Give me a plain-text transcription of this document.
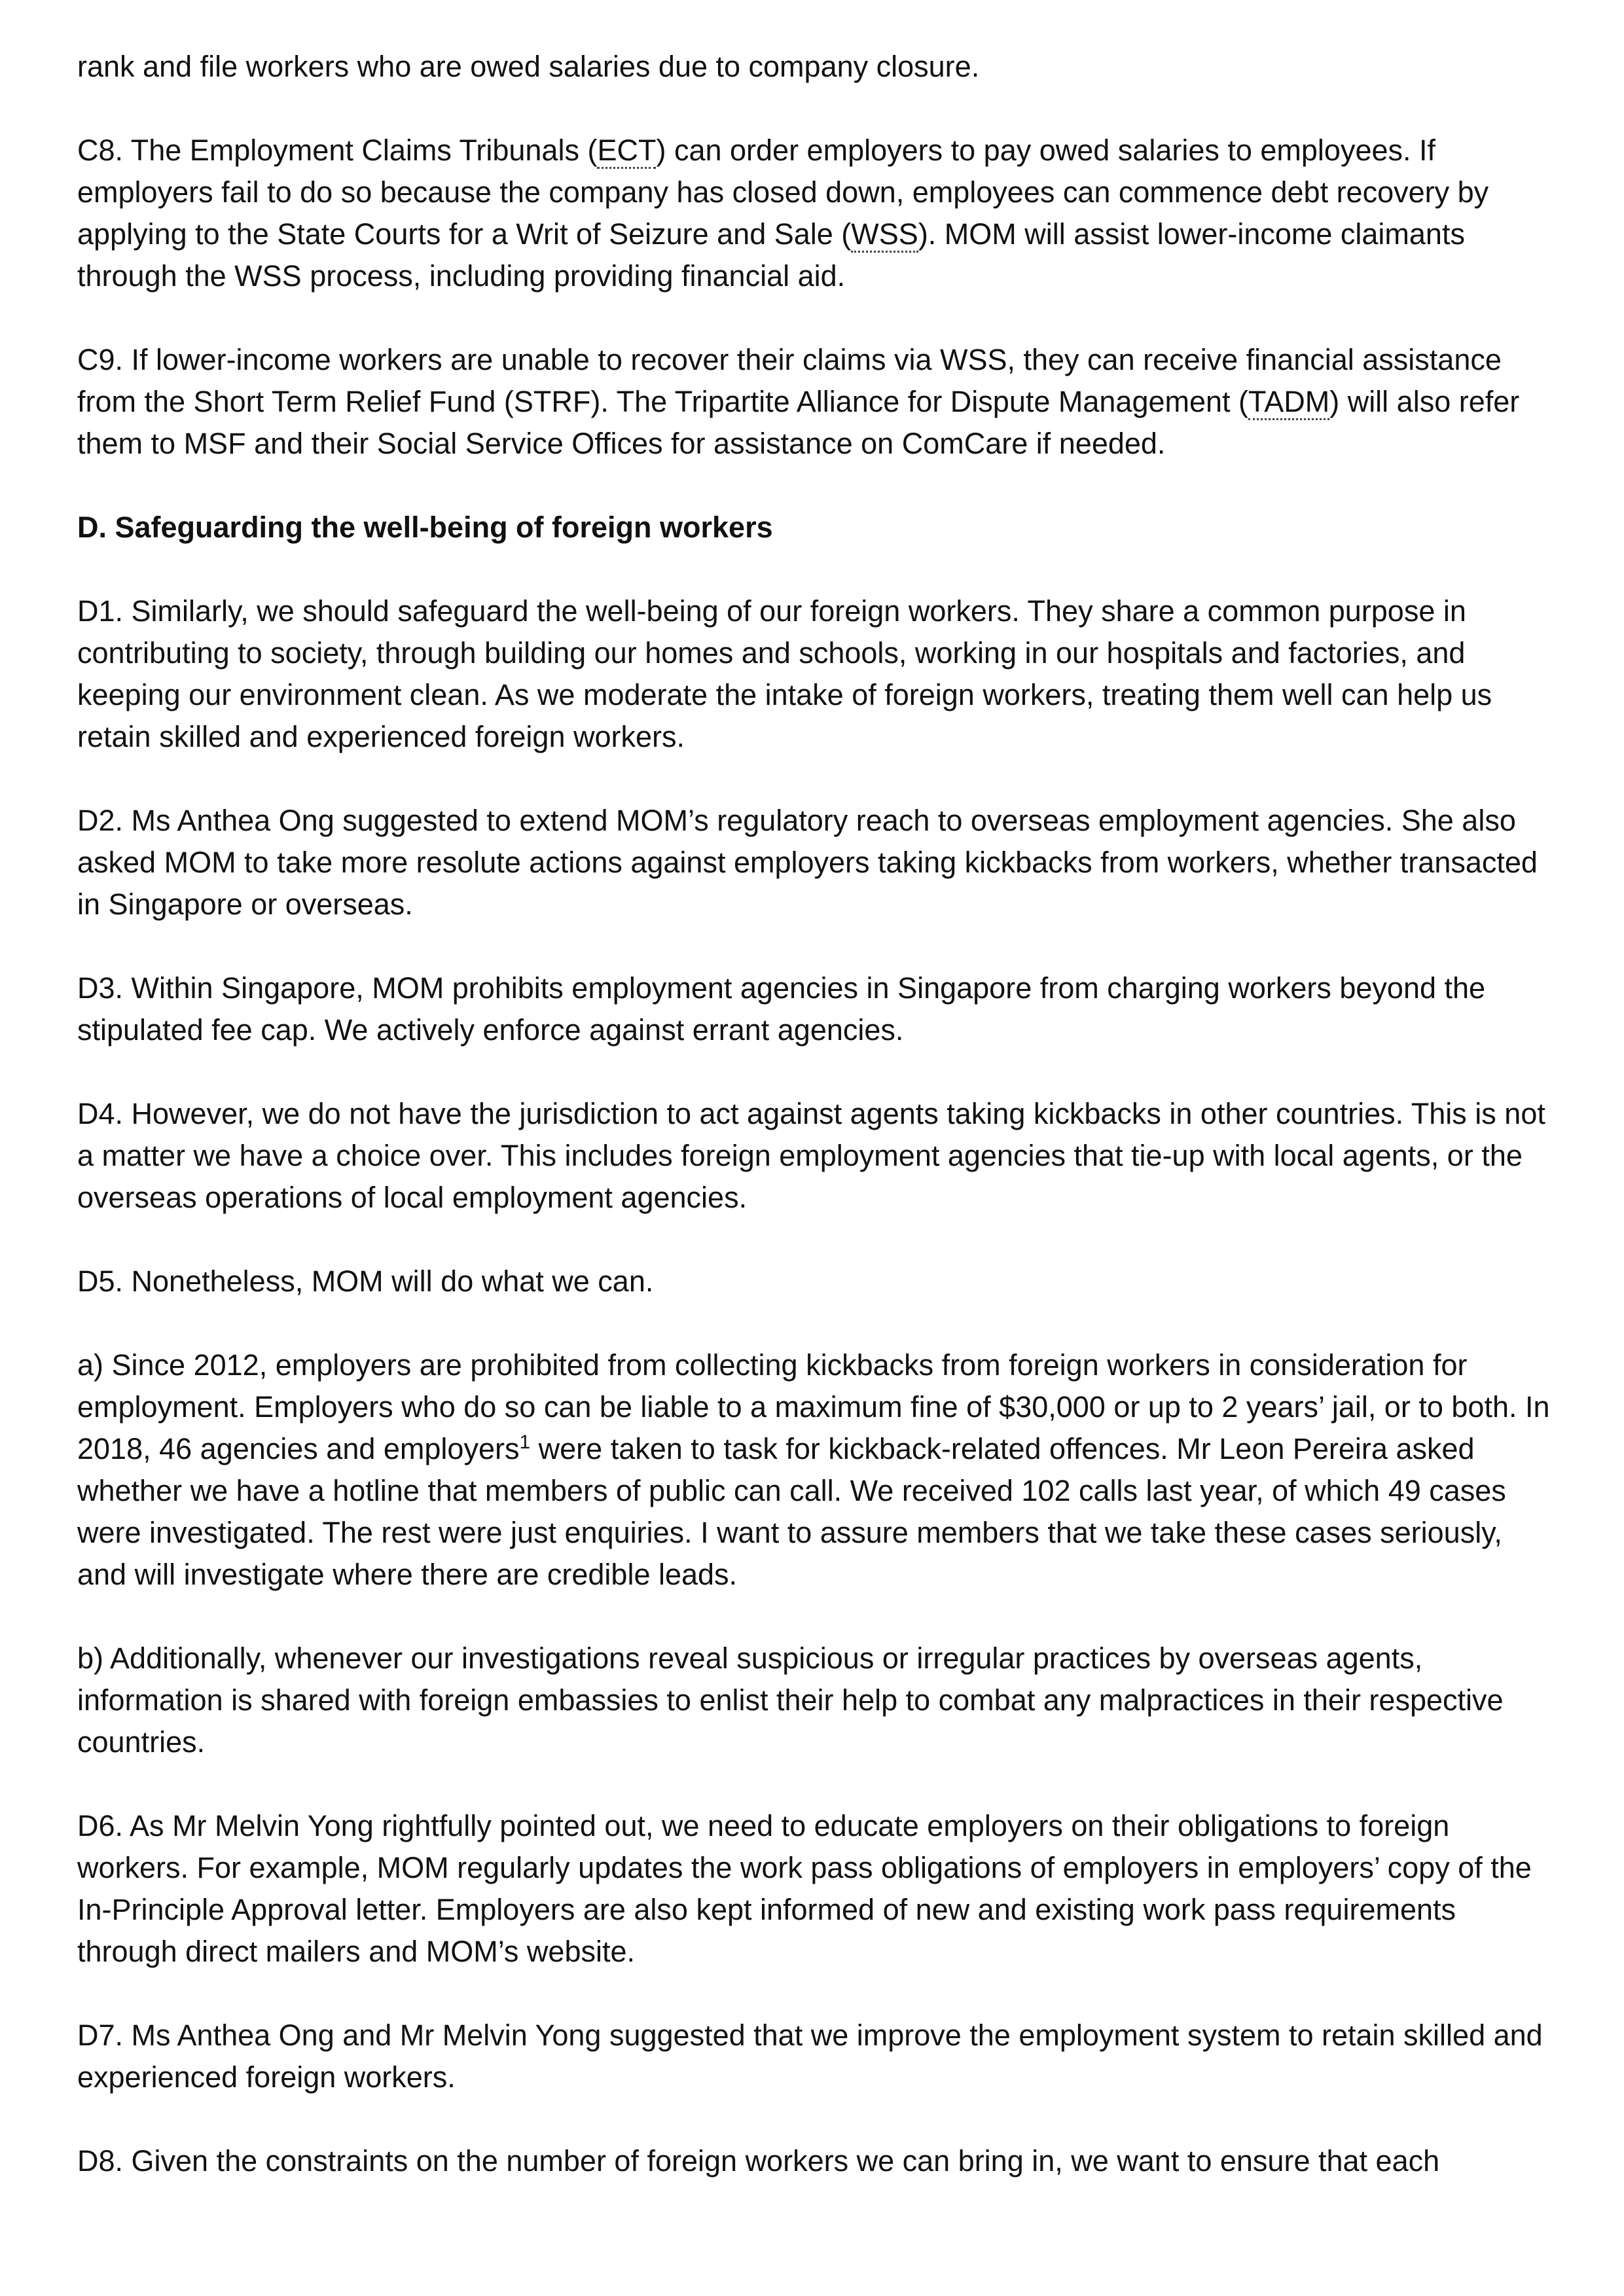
rank and file workers who are owed salaries due to company closure.

C8. The Employment Claims Tribunals (ECT) can order employers to pay owed salaries to employees. If employers fail to do so because the company has closed down, employees can commence debt recovery by applying to the State Courts for a Writ of Seizure and Sale (WSS). MOM will assist lower-income claimants through the WSS process, including providing financial aid.

C9. If lower-income workers are unable to recover their claims via WSS, they can receive financial assistance from the Short Term Relief Fund (STRF). The Tripartite Alliance for Dispute Management (TADM) will also refer them to MSF and their Social Service Offices for assistance on ComCare if needed.

D. Safeguarding the well-being of foreign workers

D1. Similarly, we should safeguard the well-being of our foreign workers. They share a common purpose in contributing to society, through building our homes and schools, working in our hospitals and factories, and keeping our environment clean. As we moderate the intake of foreign workers, treating them well can help us retain skilled and experienced foreign workers.

D2. Ms Anthea Ong suggested to extend MOM’s regulatory reach to overseas employment agencies. She also asked MOM to take more resolute actions against employers taking kickbacks from workers, whether transacted in Singapore or overseas.

D3. Within Singapore, MOM prohibits employment agencies in Singapore from charging workers beyond the stipulated fee cap. We actively enforce against errant agencies.

D4. However, we do not have the jurisdiction to act against agents taking kickbacks in other countries. This is not a matter we have a choice over. This includes foreign employment agencies that tie-up with local agents, or the overseas operations of local employment agencies.

D5. Nonetheless, MOM will do what we can.

a) Since 2012, employers are prohibited from collecting kickbacks from foreign workers in consideration for employment. Employers who do so can be liable to a maximum fine of $30,000 or up to 2 years’ jail, or to both. In 2018, 46 agencies and employers$^1$ were taken to task for kickback-related offences. Mr Leon Pereira asked whether we have a hotline that members of public can call. We received 102 calls last year, of which 49 cases were investigated. The rest were just enquiries. I want to assure members that we take these cases seriously, and will investigate where there are credible leads.

b) Additionally, whenever our investigations reveal suspicious or irregular practices by overseas agents, information is shared with foreign embassies to enlist their help to combat any malpractices in their respective countries.

D6. As Mr Melvin Yong rightfully pointed out, we need to educate employers on their obligations to foreign workers. For example, MOM regularly updates the work pass obligations of employers in employers’ copy of the In-Principle Approval letter. Employers are also kept informed of new and existing work pass requirements through direct mailers and MOM’s website.

D7. Ms Anthea Ong and Mr Melvin Yong suggested that we improve the employment system to retain skilled and experienced foreign workers.

D8. Given the constraints on the number of foreign workers we can bring in, we want to ensure that each
